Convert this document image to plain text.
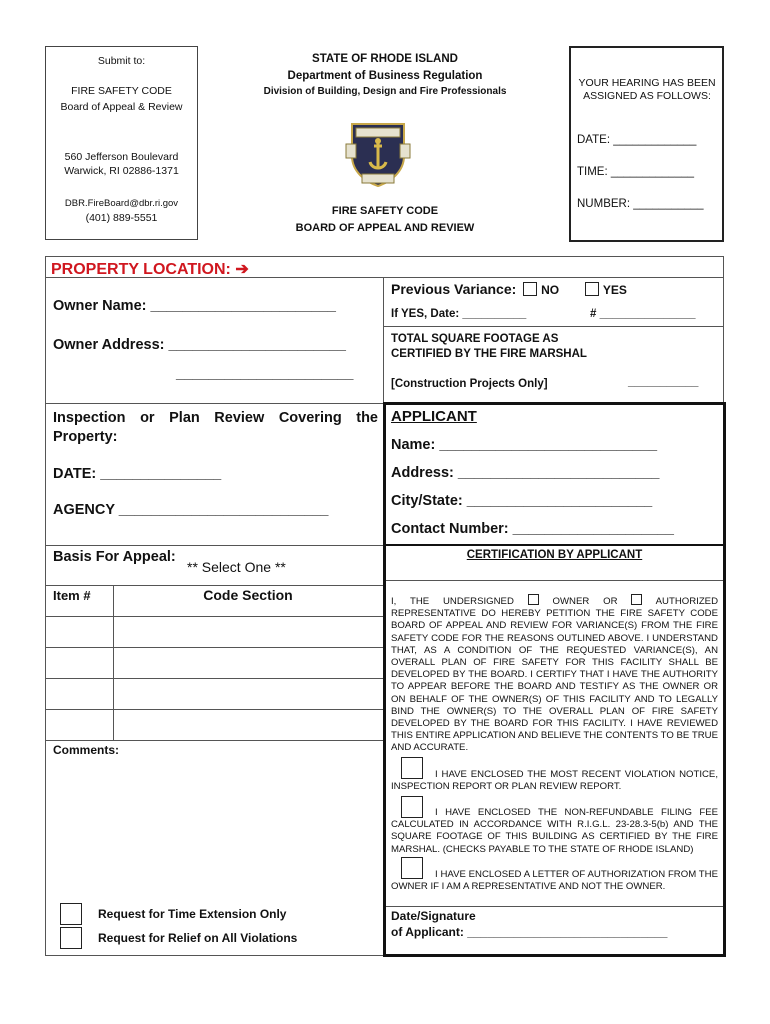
Submit to:
FIRE SAFETY CODE
Board of Appeal & Review
560 Jefferson Boulevard
Warwick, RI 02886-1371
DBR.FireBoard@dbr.ri.gov
(401) 889-5551
STATE OF RHODE ISLAND
Department of Business Regulation
Division of Building, Design and Fire Professionals
FIRE SAFETY CODE
BOARD OF APPEAL AND REVIEW
YOUR HEARING HAS BEEN ASSIGNED AS FOLLOWS:
DATE: _____________
TIME: _____________
NUMBER: ___________
PROPERTY LOCATION: ➔
Owner Name: _______________________
Owner Address: ______________________
______________________
Previous Variance: NO	YES
If YES, Date: __________	# _______________
TOTAL SQUARE FOOTAGE AS
CERTIFIED BY THE FIRE MARSHAL
[Construction Projects Only]	___________
Inspection or Plan Review Covering the Property:
DATE: _______________
AGENCY __________________________
APPLICANT
Name: ___________________________
Address: _________________________
City/State: _______________________
Contact Number: ____________________
Basis For Appeal:
** Select One **
Item #	Code Section
Comments:
Request for Time Extension Only
Request for Relief on All Violations
CERTIFICATION BY APPLICANT
I, THE UNDERSIGNED	OWNER OR	AUTHORIZED REPRESENTATIVE DO HEREBY PETITION THE FIRE SAFETY CODE BOARD OF APPEAL AND REVIEW FOR VARIANCE(S) FROM THE FIRE SAFETY CODE FOR THE REASONS OUTLINED ABOVE. I UNDERSTAND THAT, AS A CONDITION OF THE REQUESTED VARIANCE(S), AN OVERALL PLAN OF FIRE SAFETY FOR THIS FACILITY SHALL BE DEVELOPED BY THE BOARD. I CERTIFY THAT I HAVE THE AUTHORITY TO APPEAR BEFORE THE BOARD AND TESTIFY AS THE OWNER OR ON BEHALF OF THE OWNER(S) OF THIS FACILITY AND TO LEGALLY BIND THE OWNER(S) TO THE OVERALL PLAN OF FIRE SAFETY DEVELOPED BY THE BOARD FOR THIS FACILITY. I HAVE REVIEWED THIS ENTIRE APPLICATION AND BELIEVE THE CONTENTS TO BE TRUE AND ACCURATE.
I HAVE ENCLOSED THE MOST RECENT VIOLATION NOTICE, INSPECTION REPORT OR PLAN REVIEW REPORT.
I HAVE ENCLOSED THE NON-REFUNDABLE FILING FEE CALCULATED IN ACCORDANCE WITH R.I.G.L. 23-28.3-5(b) AND THE SQUARE FOOTAGE OF THIS BUILDING AS CERTIFIED BY THE FIRE MARSHAL. (CHECKS PAYABLE TO THE STATE OF RHODE ISLAND)
I HAVE ENCLOSED A LETTER OF AUTHORIZATION FROM THE OWNER IF I AM A REPRESENTATIVE AND NOT THE OWNER.
Date/Signature
of Applicant: ______________________________
